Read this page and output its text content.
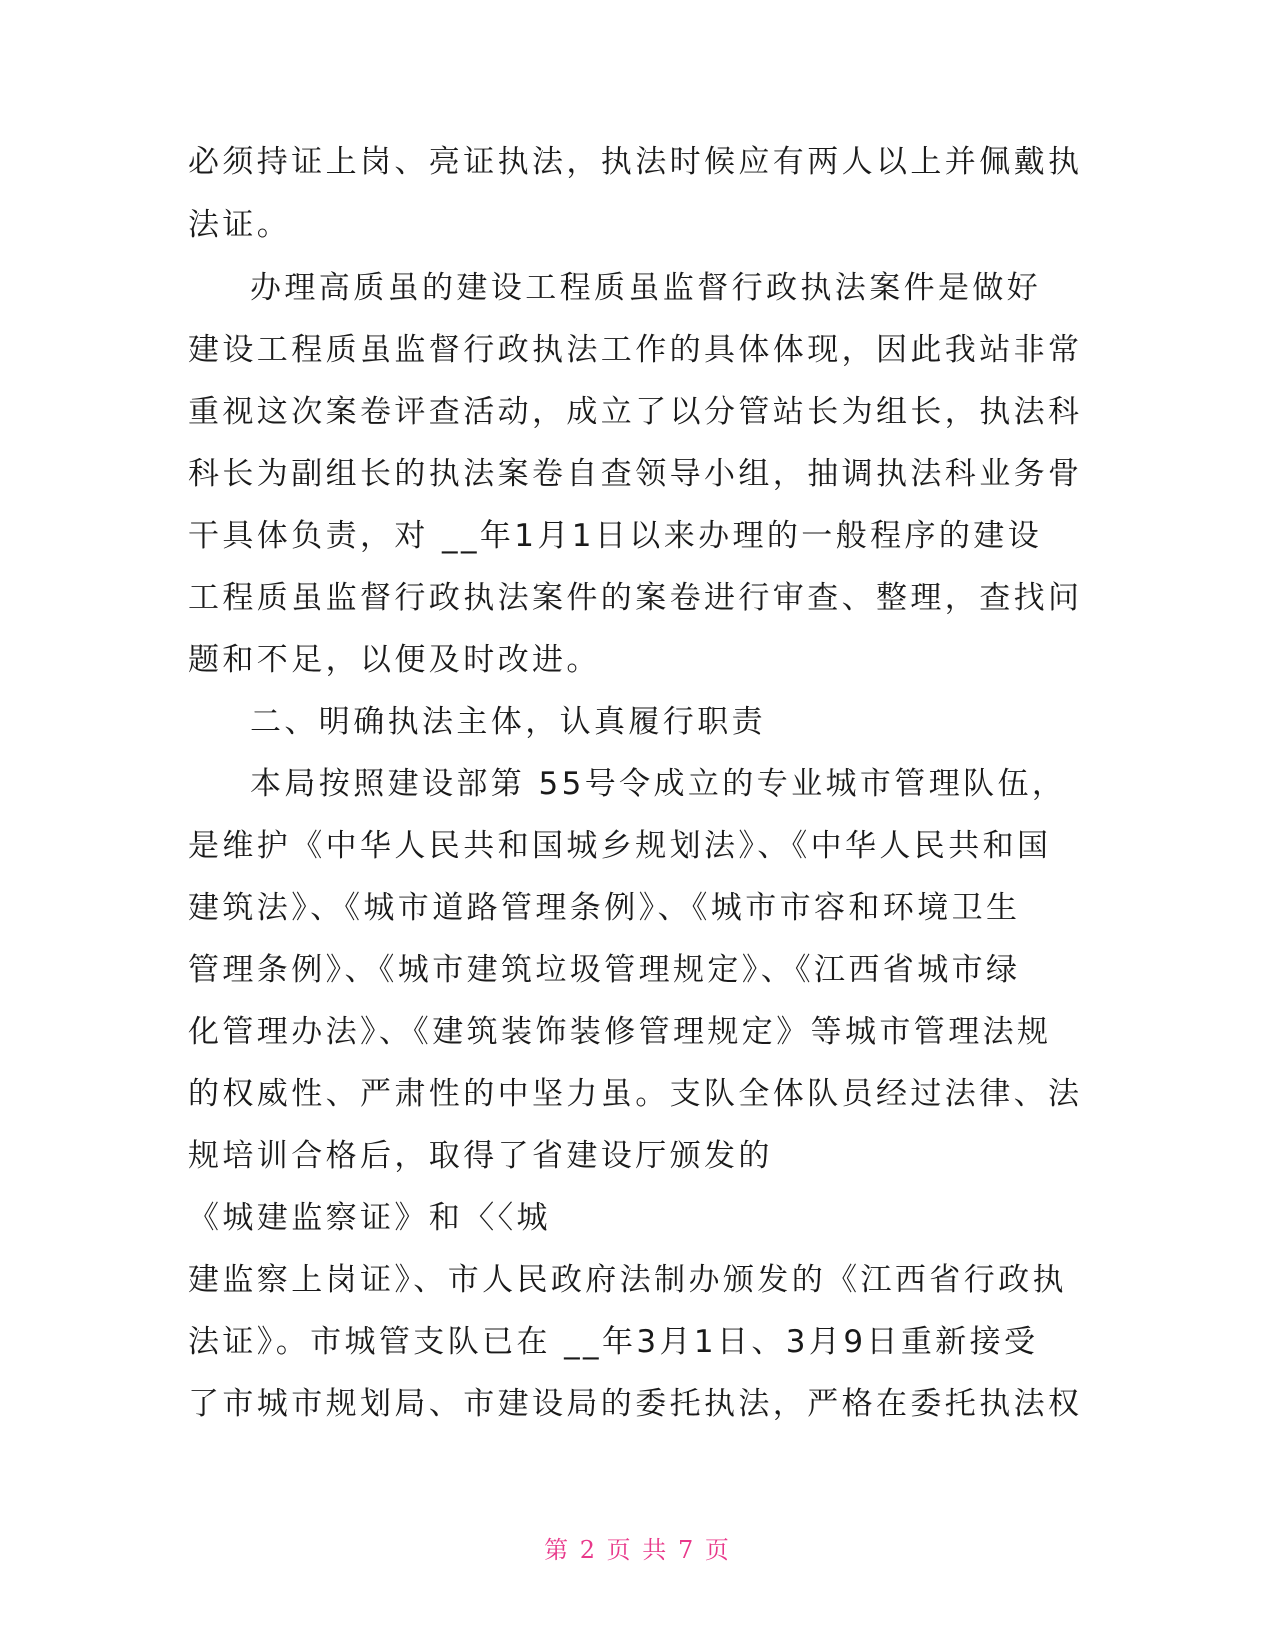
必须持证上岗、亮证执法，执法时候应有两人以上并佩戴执
法证。
办理高质虽的建设工程质虽监督行政执法案件是做好
建设工程质虽监督行政执法工作的具体体现，因此我站非常
重视这次案卷评查活动，成立了以分管站长为组长，执法科
科长为副组长的执法案卷自查领导小组，抽调执法科业务骨
干具体负责，对 __年1月1日以来办理的一般程序的建设
工程质虽监督行政执法案件的案卷进行审查、整理，查找问
题和不足，以便及时改进。
二、明确执法主体，认真履行职责
本局按照建设部第 55号令成立的专业城市管理队伍，
是维护《中华人民共和国城乡规划法》、《中华人民共和国
建筑法》、《城市道路管理条例》、《城市市容和环境卫生
管理条例》、《城市建筑垃圾管理规定》、《江西省城市绿
化管理办法》、《建筑装饰装修管理规定》等城市管理法规
的权威性、严肃性的中坚力虽。支队全体队员经过法律、法
规培训合格后，取得了省建设厅颁发的
《城建监察证》和〈〈城
建监察上岗证》、市人民政府法制办颁发的《江西省行政执
法证》。市城管支队已在 __年3月1日、3月9日重新接受
了市城市规划局、市建设局的委托执法，严格在委托执法权
第 2 页 共 7 页
